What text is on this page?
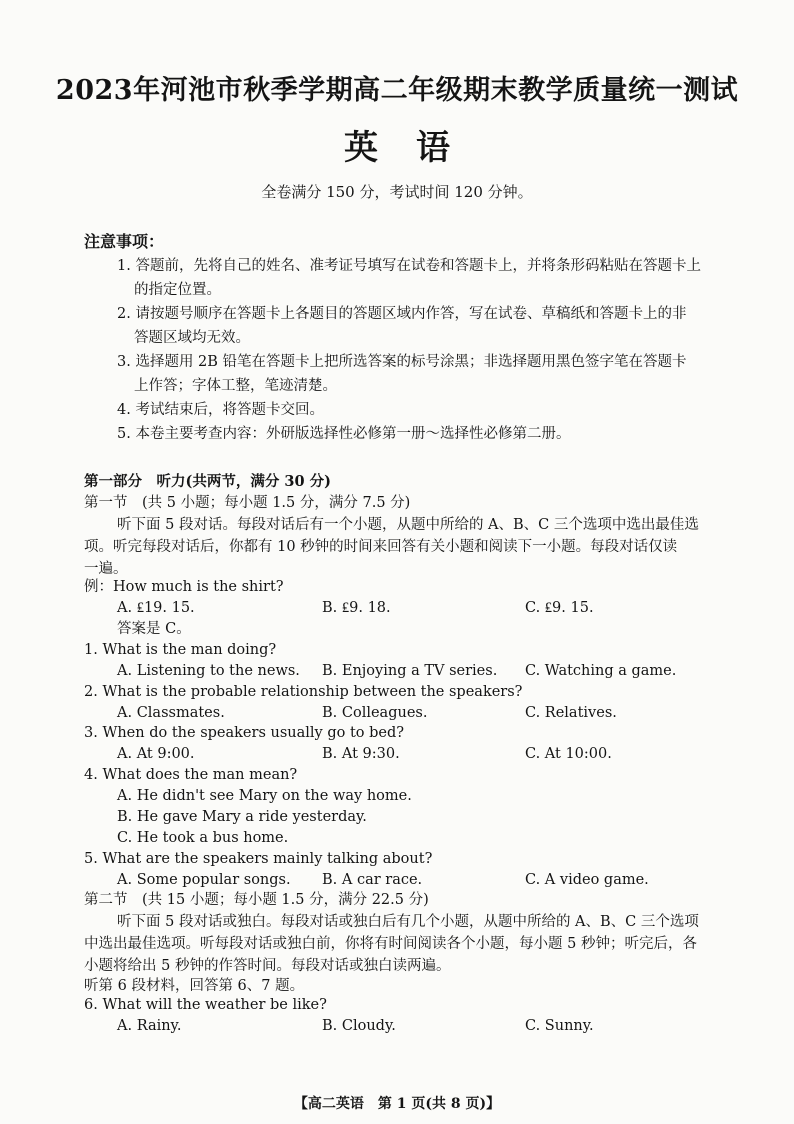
2023年河池市秋季学期高二年级期末教学质量统一测试
英语
全卷满分 150 分，考试时间 120 分钟。
注意事项：
1. 答题前，先将自己的姓名、准考证号填写在试卷和答题卡上，并将条形码粘贴在答题卡上
的指定位置。
2. 请按题号顺序在答题卡上各题目的答题区域内作答，写在试卷、草稿纸和答题卡上的非
答题区域均无效。
3. 选择题用 2B 铅笔在答题卡上把所选答案的标号涂黑；非选择题用黑色签字笔在答题卡
上作答；字体工整，笔迹清楚。
4. 考试结束后，将答题卡交回。
5. 本卷主要考查内容：外研版选择性必修第一册～选择性必修第二册。
第一部分　听力(共两节，满分 30 分)
第一节　(共 5 小题；每小题 1.5 分，满分 7.5 分)
听下面 5 段对话。每段对话后有一个小题，从题中所给的 A、B、C 三个选项中选出最佳选
项。听完每段对话后，你都有 10 秒钟的时间来回答有关小题和阅读下一小题。每段对话仅读
一遍。
例：How much is the shirt?
A. ₤19. 15.	B. ₤9. 18.	C. ₤9. 15.
答案是 C。
1. What is the man doing?
A. Listening to the news. B. Enjoying a TV series. C. Watching a game.
2. What is the probable relationship between the speakers?
A. Classmates.	B. Colleagues.	C. Relatives.
3. When do the speakers usually go to bed?
A. At 9:00.	B. At 9:30.	C. At 10:00.
4. What does the man mean?
A. He didn't see Mary on the way home.
B. He gave Mary a ride yesterday.
C. He took a bus home.
5. What are the speakers mainly talking about?
A. Some popular songs. B. A car race.	C. A video game.
第二节　(共 15 小题；每小题 1.5 分，满分 22.5 分)
听下面 5 段对话或独白。每段对话或独白后有几个小题，从题中所给的 A、B、C 三个选项
中选出最佳选项。听每段对话或独白前，你将有时间阅读各个小题，每小题 5 秒钟；听完后，各
小题将给出 5 秒钟的作答时间。每段对话或独白读两遍。
听第 6 段材料，回答第 6、7 题。
6. What will the weather be like?
A. Rainy.	B. Cloudy.	C. Sunny.
【高二英语　第 1 页(共 8 页)】
